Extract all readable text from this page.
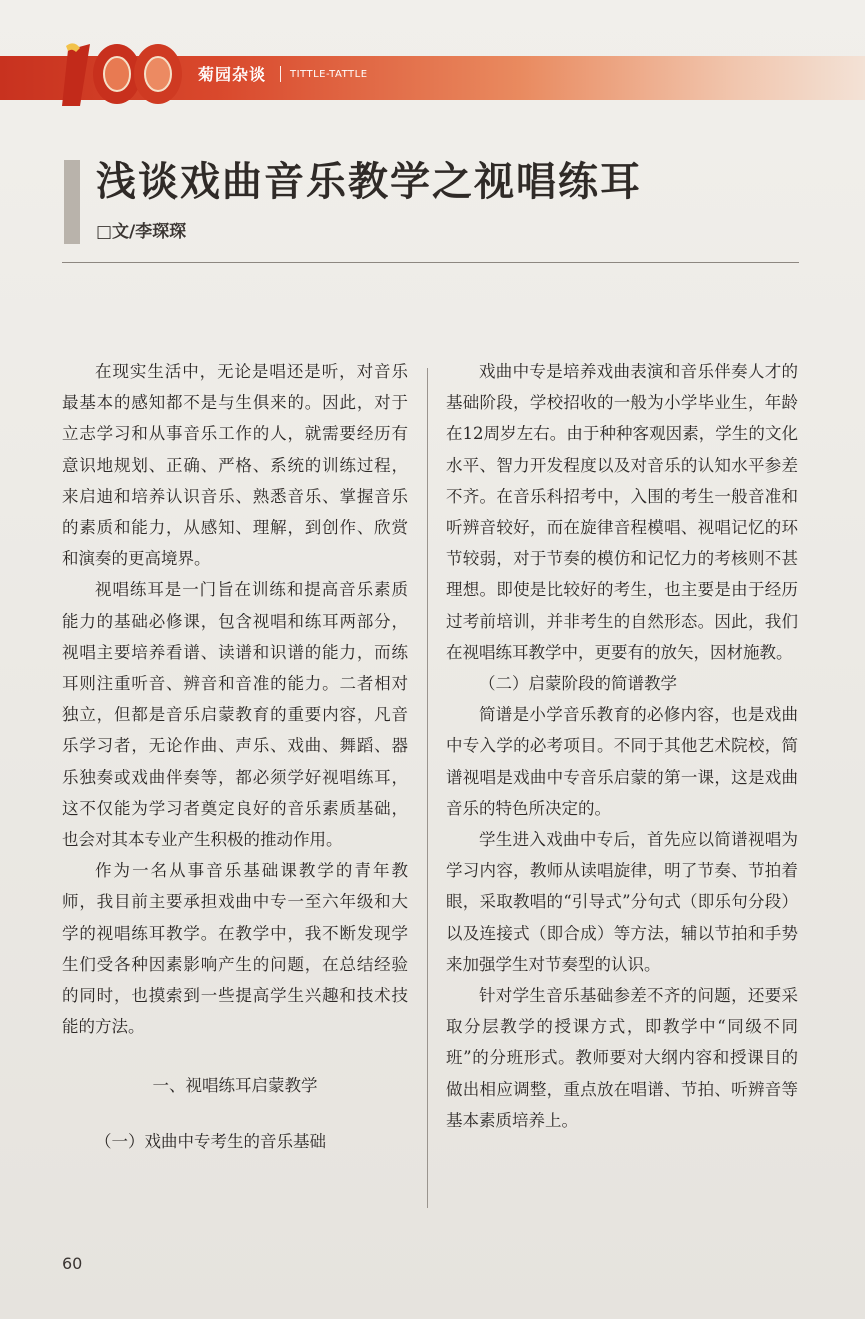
菊园杂谈 TITTLE-TATTLE
浅谈戏曲音乐教学之视唱练耳
□文/李琛琛

在现实生活中，无论是唱还是听，对音乐最基本的感知都不是与生俱来的。因此，对于立志学习和从事音乐工作的人，就需要经历有意识地规划、正确、严格、系统的训练过程，来启迪和培养认识音乐、熟悉音乐、掌握音乐的素质和能力，从感知、理解，到创作、欣赏和演奏的更高境界。

视唱练耳是一门旨在训练和提高音乐素质能力的基础必修课，包含视唱和练耳两部分，视唱主要培养看谱、读谱和识谱的能力，而练耳则注重听音、辨音和音准的能力。二者相对独立，但都是音乐启蒙教育的重要内容，凡音乐学习者，无论作曲、声乐、戏曲、舞蹈、器乐独奏或戏曲伴奏等，都必须学好视唱练耳，这不仅能为学习者奠定良好的音乐素质基础，也会对其本专业产生积极的推动作用。

作为一名从事音乐基础课教学的青年教师，我目前主要承担戏曲中专一至六年级和大学的视唱练耳教学。在教学中，我不断发现学生们受各种因素影响产生的问题，在总结经验的同时，也摸索到一些提高学生兴趣和技术技能的方法。

一、视唱练耳启蒙教学

（一）戏曲中专考生的音乐基础

戏曲中专是培养戏曲表演和音乐伴奏人才的基础阶段，学校招收的一般为小学毕业生，年龄在12周岁左右。由于种种客观因素，学生的文化水平、智力开发程度以及对音乐的认知水平参差不齐。在音乐科招考中，入围的考生一般音准和听辨音较好，而在旋律音程模唱、视唱记忆的环节较弱，对于节奏的模仿和记忆力的考核则不甚理想。即使是比较好的考生，也主要是由于经历过考前培训，并非考生的自然形态。因此，我们在视唱练耳教学中，更要有的放矢，因材施教。

（二）启蒙阶段的简谱教学

简谱是小学音乐教育的必修内容，也是戏曲中专入学的必考项目。不同于其他艺术院校，简谱视唱是戏曲中专音乐启蒙的第一课，这是戏曲音乐的特色所决定的。

学生进入戏曲中专后，首先应以简谱视唱为学习内容，教师从读唱旋律，明了节奏、节拍着眼，采取教唱的“引导式”分句式（即乐句分段）以及连接式（即合成）等方法，辅以节拍和手势来加强学生对节奏型的认识。

针对学生音乐基础参差不齐的问题，还要采取分层教学的授课方式，即教学中“同级不同班”的分班形式。教师要对大纲内容和授课目的做出相应调整，重点放在唱谱、节拍、听辨音等基本素质培养上。

60
